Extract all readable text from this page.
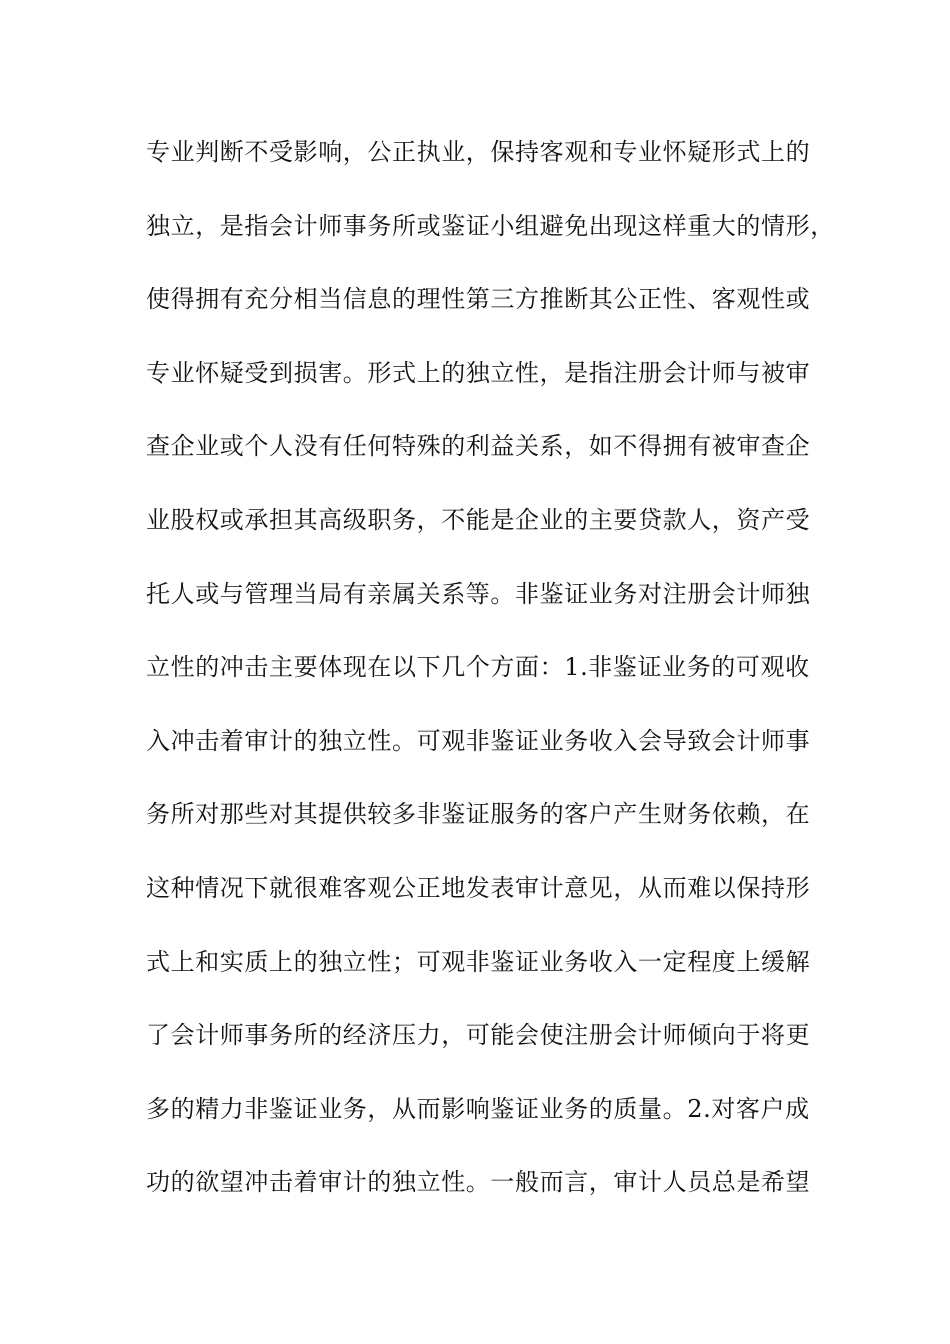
专业判断不受影响，公正执业，保持客观和专业怀疑形式上的
独立，是指会计师事务所或鉴证小组避免出现这样重大的情形，
使得拥有充分相当信息的理性第三方推断其公正性、客观性或
专业怀疑受到损害。形式上的独立性，是指注册会计师与被审
查企业或个人没有任何特殊的利益关系，如不得拥有被审查企
业股权或承担其高级职务，不能是企业的主要贷款人，资产受
托人或与管理当局有亲属关系等。非鉴证业务对注册会计师独
立性的冲击主要体现在以下几个方面：1.非鉴证业务的可观收
入冲击着审计的独立性。可观非鉴证业务收入会导致会计师事
务所对那些对其提供较多非鉴证服务的客户产生财务依赖，在
这种情况下就很难客观公正地发表审计意见，从而难以保持形
式上和实质上的独立性；可观非鉴证业务收入一定程度上缓解
了会计师事务所的经济压力，可能会使注册会计师倾向于将更
多的精力非鉴证业务，从而影响鉴证业务的质量。2.对客户成
功的欲望冲击着审计的独立性。一般而言，审计人员总是希望
